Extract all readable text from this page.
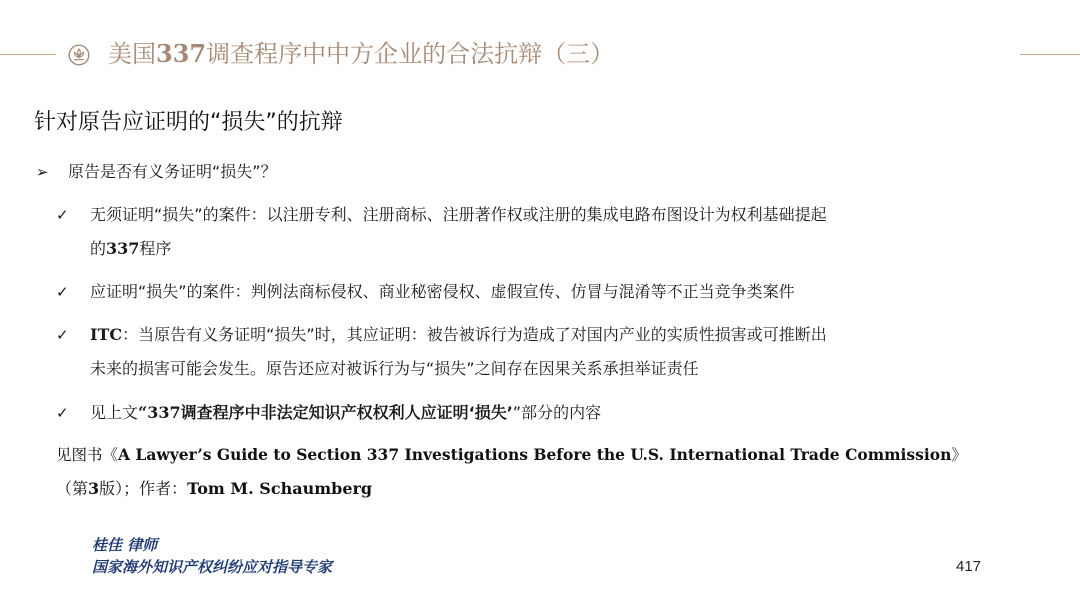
美国337调查程序中中方企业的合法抗辩（三）
针对原告应证明的“损失”的抗辩
➢ 原告是否有义务证明“损失”？
✓ 无须证明“损失”的案件：以注册专利、注册商标、注册著作权或注册的集成电路布图设计为权利基础提起
的337程序
✓ 应证明“损失”的案件：判例法商标侵权、商业秘密侵权、虚假宣传、仿冒与混淆等不正当竞争类案件
✓ ITC：当原告有义务证明“损失”时，其应证明：被告被诉行为造成了对国内产业的实质性损害或可推断出
未来的损害可能会发生。原告还应对被诉行为与“损失”之间存在因果关系承担举证责任
✓ 见上文“337调查程序中非法定知识产权权利人应证明‘损失’”部分的内容
见图书《A Lawyer’s Guide to Section 337 Investigations Before the U.S. International Trade Commission》
（第3版）；作者：Tom M. Schaumberg
桂佳 律师
国家海外知识产权纠纷应对指导专家	417
